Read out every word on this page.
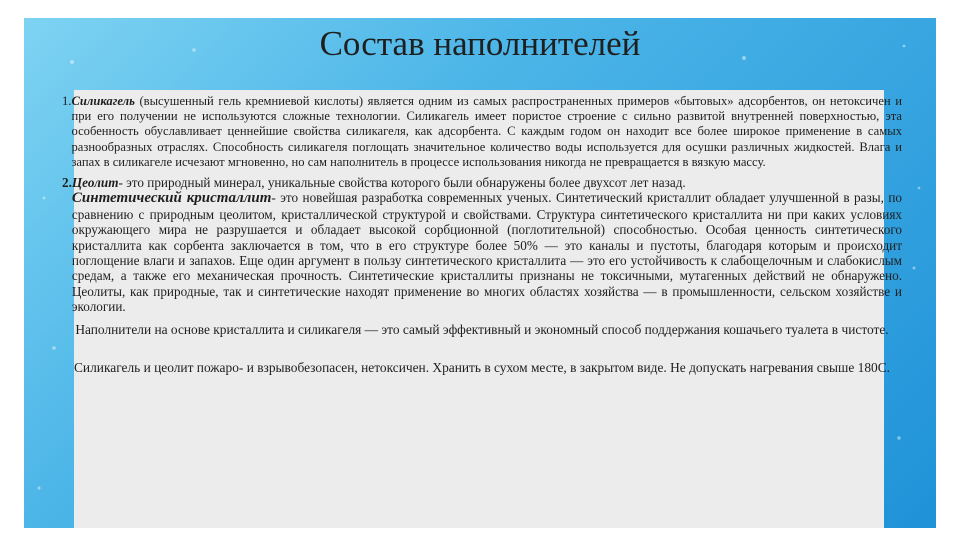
Состав наполнителей
1. Силикагель (высушенный гель кремниевой кислоты) является одним из самых распространенных примеров «бытовых» адсорбентов, он нетоксичен и при его получении не используются сложные технологии. Силикагель имеет пористое строение с сильно развитой внутренней поверхностью, эта особенность обуславливает ценнейшие свойства силикагеля, как адсорбента. С каждым годом он находит все более широкое применение в самых разнообразных отраслях. Способность силикагеля поглощать значительное количество воды используется для осушки различных жидкостей. Влага и запах в силикагеле исчезают мгновенно, но сам наполнитель в процессе использования никогда не превращается в вязкую массу.
2. Цеолит- это природный минерал, уникальные свойства которого были обнаружены более двухсот лет назад.
Синтетический кристаллит- это новейшая разработка современных ученых. Синтетический кристаллит обладает улучшенной в разы, по сравнению с природным цеолитом, кристаллической структурой и свойствами. Структура синтетического кристаллита ни при каких условиях окружающего мира не разрушается и обладает высокой сорбционной (поглотительной) способностью. Особая ценность синтетического кристаллита как сорбента заключается в том, что в его структуре более 50% — это каналы и пустоты, благодаря которым и происходит поглощение влаги и запахов. Еще один аргумент в пользу синтетического кристаллита — это его устойчивость к слабощелочным и слабокислым средам, а также его механическая прочность. Синтетические кристаллиты признаны не токсичными, мутагенных действий не обнаружено. Цеолиты, как природные, так и синтетические находят применение во многих областях хозяйства — в промышленности, сельском хозяйстве и экологии.

Наполнители на основе кристаллита и силикагеля — это самый эффективный и экономный способ поддержания кошачьего туалета в чистоте.

Силикагель и цеолит пожаро- и взрывобезопасен, нетоксичен. Хранить в сухом месте, в закрытом виде. Не допускать нагревания свыше 180С.
